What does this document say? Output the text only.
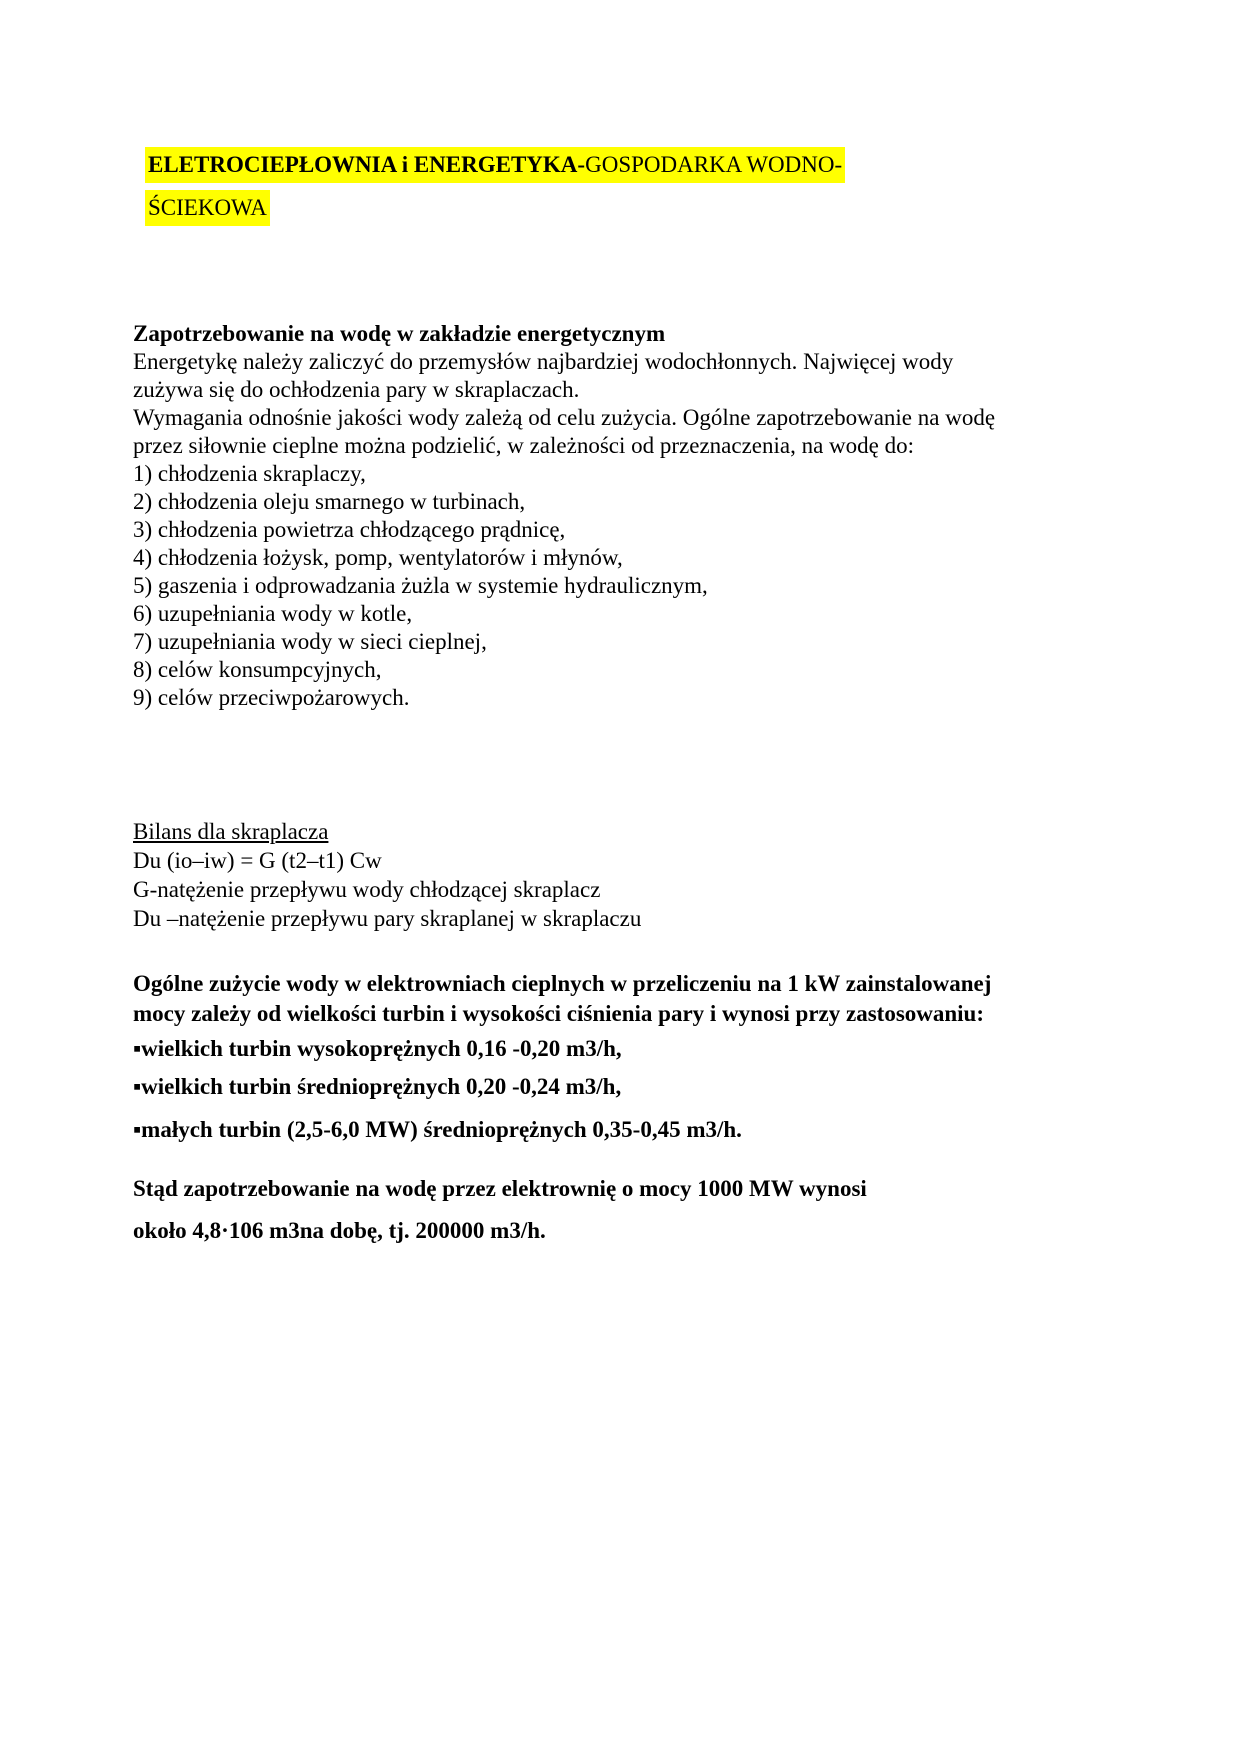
ELETROCIEPŁOWNIA i ENERGETYKA-GOSPODARKA WODNO-
ŚCIEKOWA
Zapotrzebowanie na wodę w zakładzie energetycznym
Energetykę należy zaliczyć do przemysłów najbardziej wodochłonnych. Najwięcej wody
zużywa się do ochłodzenia pary w skraplaczach.
Wymagania odnośnie jakości wody zależą od celu zużycia. Ogólne zapotrzebowanie na wodę
przez siłownie cieplne można podzielić, w zależności od przeznaczenia, na wodę do:
1) chłodzenia skraplaczy,
2) chłodzenia oleju smarnego w turbinach,
3) chłodzenia powietrza chłodzącego prądnicę,
4) chłodzenia łożysk, pomp, wentylatorów i młynów,
5) gaszenia i odprowadzania żużla w systemie hydraulicznym,
6) uzupełniania wody w kotle,
7) uzupełniania wody w sieci cieplnej,
8) celów konsumpcyjnych,
9) celów przeciwpożarowych.
Bilans dla skraplacza
Du (io–iw) = G (t2–t1) Cw
G-natężenie przepływu wody chłodzącej skraplacz
Du –natężenie przepływu pary skraplanej w skraplaczu
Ogólne zużycie wody w elektrowniach cieplnych w przeliczeniu na 1 kW zainstalowanej
mocy zależy od wielkości turbin i wysokości ciśnienia pary i wynosi przy zastosowaniu:
▪wielkich turbin wysokoprężnych 0,16 -0,20 m3/h,
▪wielkich turbin średnioprężnych 0,20 -0,24 m3/h,
▪małych turbin (2,5-6,0 MW) średnioprężnych 0,35-0,45 m3/h.
Stąd zapotrzebowanie na wodę przez elektrownię o mocy 1000 MW wynosi
około 4,8·106 m3na dobę, tj. 200000 m3/h.
